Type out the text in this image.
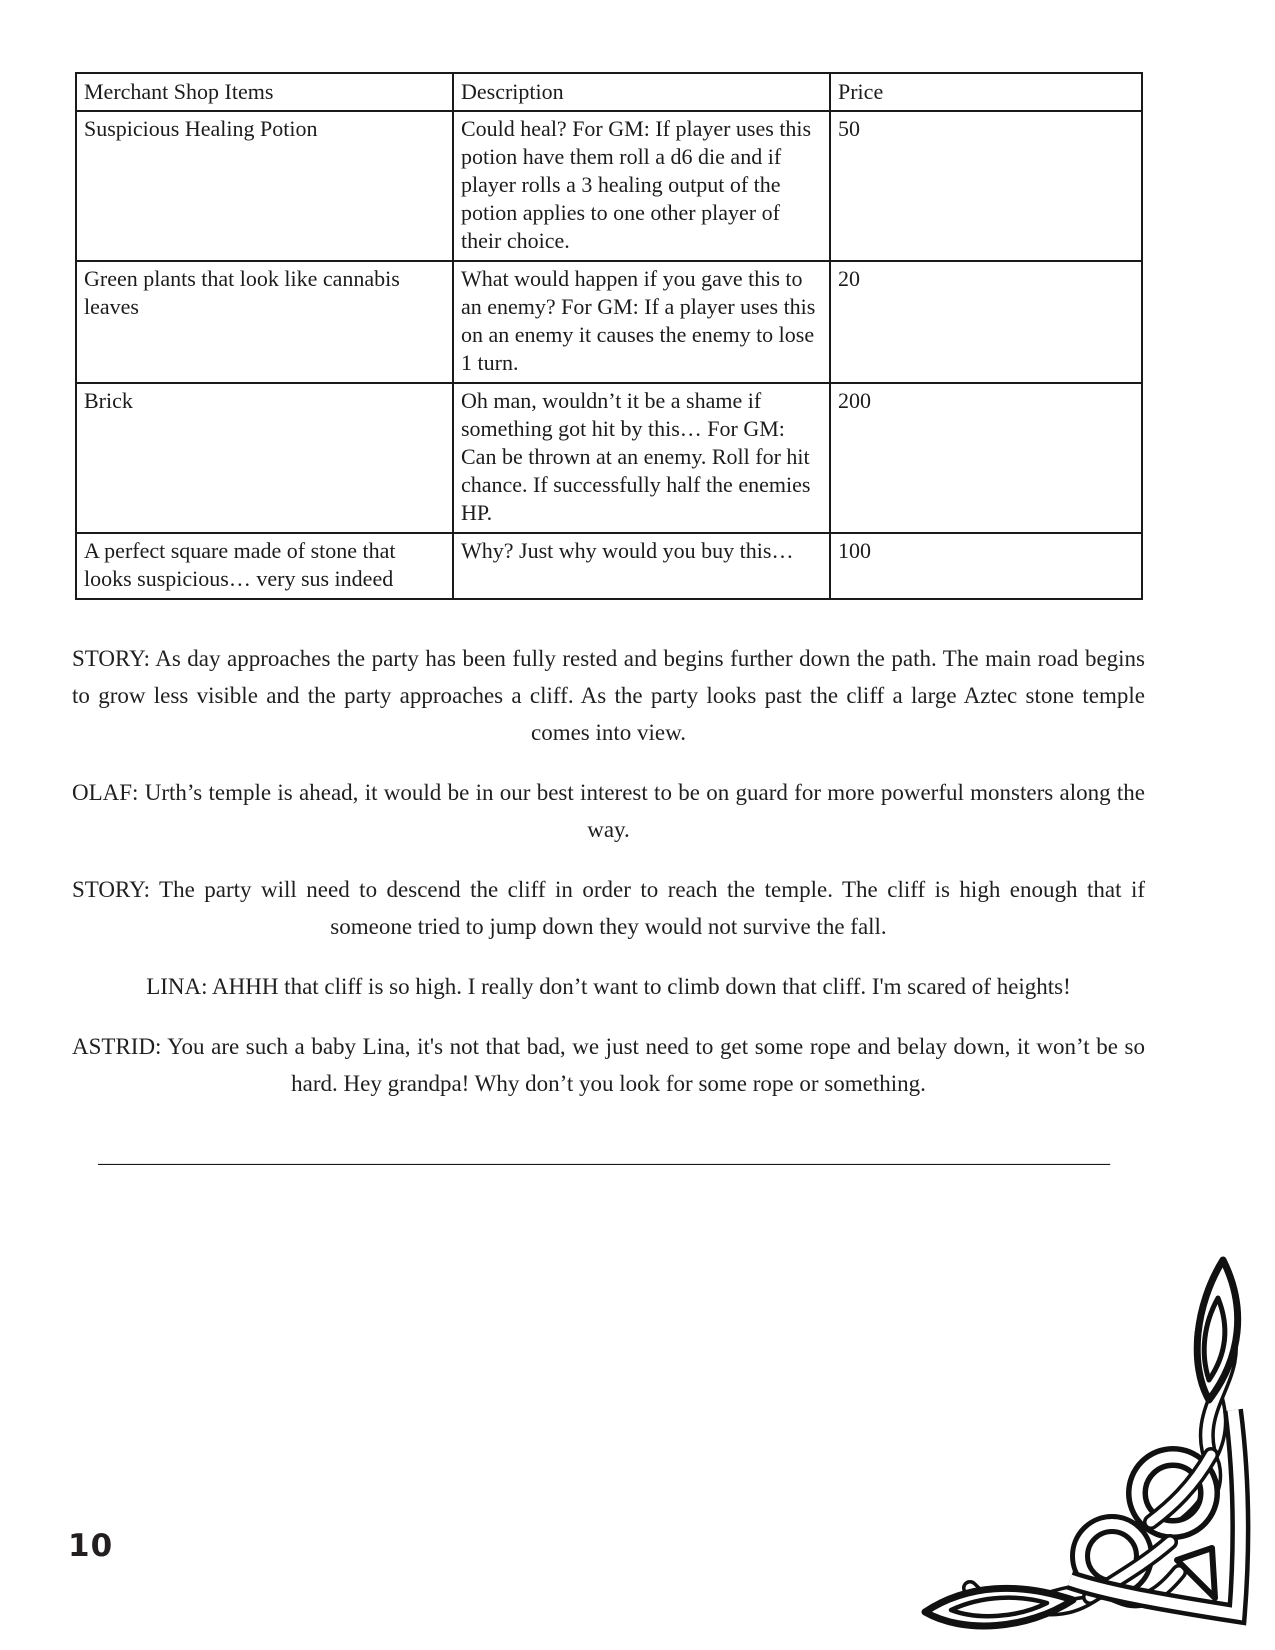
Merchant Shop Items	Description	Price
Suspicious Healing Potion	Could heal? For GM: If player uses this potion have them roll a d6 die and if player rolls a 3 healing output of the potion applies to one other player of their choice.	50
Green plants that look like cannabis leaves	What would happen if you gave this to an enemy? For GM: If a player uses this on an enemy it causes the enemy to lose 1 turn.	20
Brick	Oh man, wouldn’t it be a shame if something got hit by this… For GM: Can be thrown at an enemy. Roll for hit chance. If successfully half the enemies HP.	200
A perfect square made of stone that looks suspicious… very sus indeed	Why? Just why would you buy this…	100

STORY: As day approaches the party has been fully rested and begins further down the path. The main road begins to grow less visible and the party approaches a cliff. As the party looks past the cliff a large Aztec stone temple comes into view.

OLAF: Urth’s temple is ahead, it would be in our best interest to be on guard for more powerful monsters along the way.

STORY: The party will need to descend the cliff in order to reach the temple. The cliff is high enough that if someone tried to jump down they would not survive the fall.

LINA: AHHH that cliff is so high. I really don’t want to climb down that cliff. I'm scared of heights!

ASTRID: You are such a baby Lina, it's not that bad, we just need to get some rope and belay down, it won’t be so hard. Hey grandpa! Why don’t you look for some rope or something.

____________________________________________________________________________________________
10
